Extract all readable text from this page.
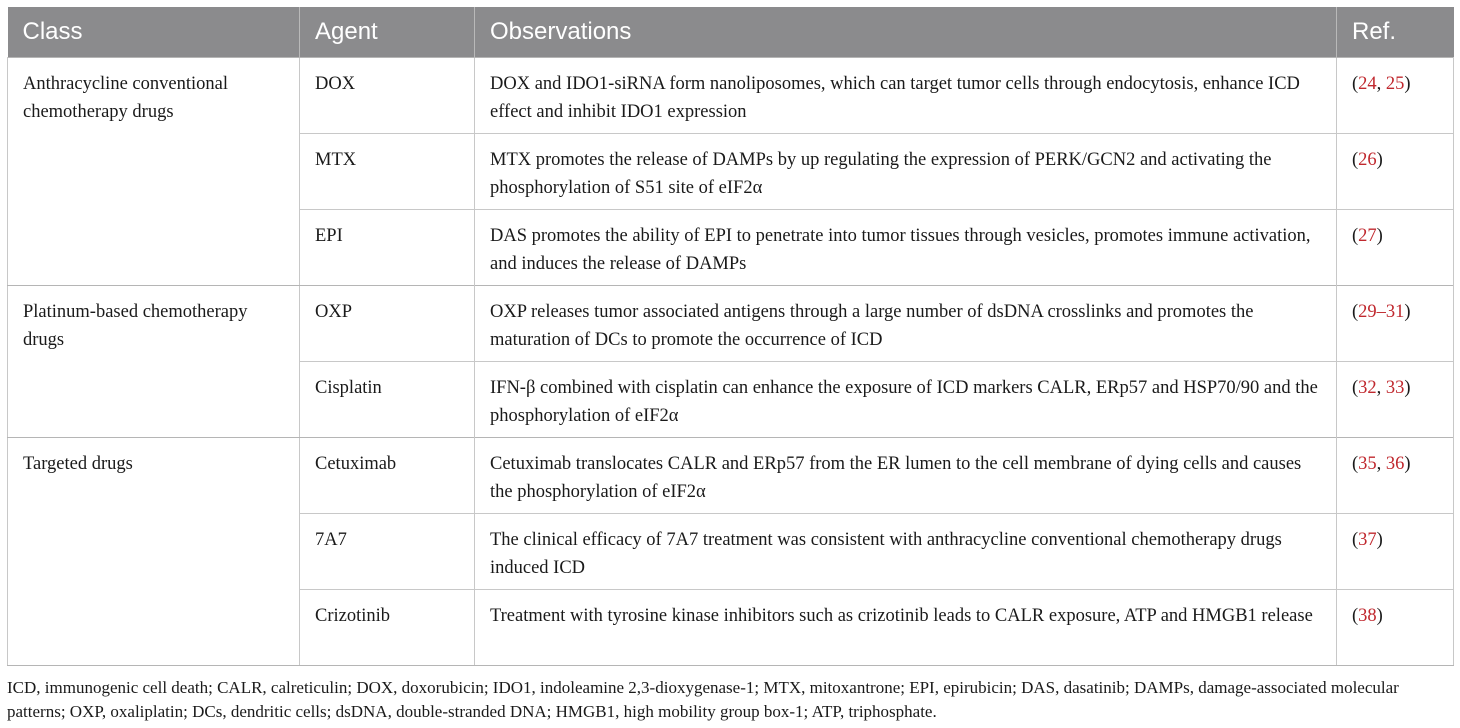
Class	Agent	Observations	Ref.
Anthracycline conventional chemotherapy drugs	DOX	DOX and IDO1-siRNA form nanoliposomes, which can target tumor cells through endocytosis, enhance ICD effect and inhibit IDO1 expression	(24, 25)
	MTX	MTX promotes the release of DAMPs by up regulating the expression of PERK/GCN2 and activating the phosphorylation of S51 site of eIF2α	(26)
	EPI	DAS promotes the ability of EPI to penetrate into tumor tissues through vesicles, promotes immune activation, and induces the release of DAMPs	(27)
Platinum-based chemotherapy drugs	OXP	OXP releases tumor associated antigens through a large number of dsDNA crosslinks and promotes the maturation of DCs to promote the occurrence of ICD	(29–31)
	Cisplatin	IFN-β combined with cisplatin can enhance the exposure of ICD markers CALR, ERp57 and HSP70/90 and the phosphorylation of eIF2α	(32, 33)
Targeted drugs	Cetuximab	Cetuximab translocates CALR and ERp57 from the ER lumen to the cell membrane of dying cells and causes the phosphorylation of eIF2α	(35, 36)
	7A7	The clinical efficacy of 7A7 treatment was consistent with anthracycline conventional chemotherapy drugs induced ICD	(37)
	Crizotinib	Treatment with tyrosine kinase inhibitors such as crizotinib leads to CALR exposure, ATP and HMGB1 release	(38)
ICD, immunogenic cell death; CALR, calreticulin; DOX, doxorubicin; IDO1, indoleamine 2,3-dioxygenase-1; MTX, mitoxantrone; EPI, epirubicin; DAS, dasatinib; DAMPs, damage-associated molecular patterns; OXP, oxaliplatin; DCs, dendritic cells; dsDNA, double-stranded DNA; HMGB1, high mobility group box-1; ATP, triphosphate.
